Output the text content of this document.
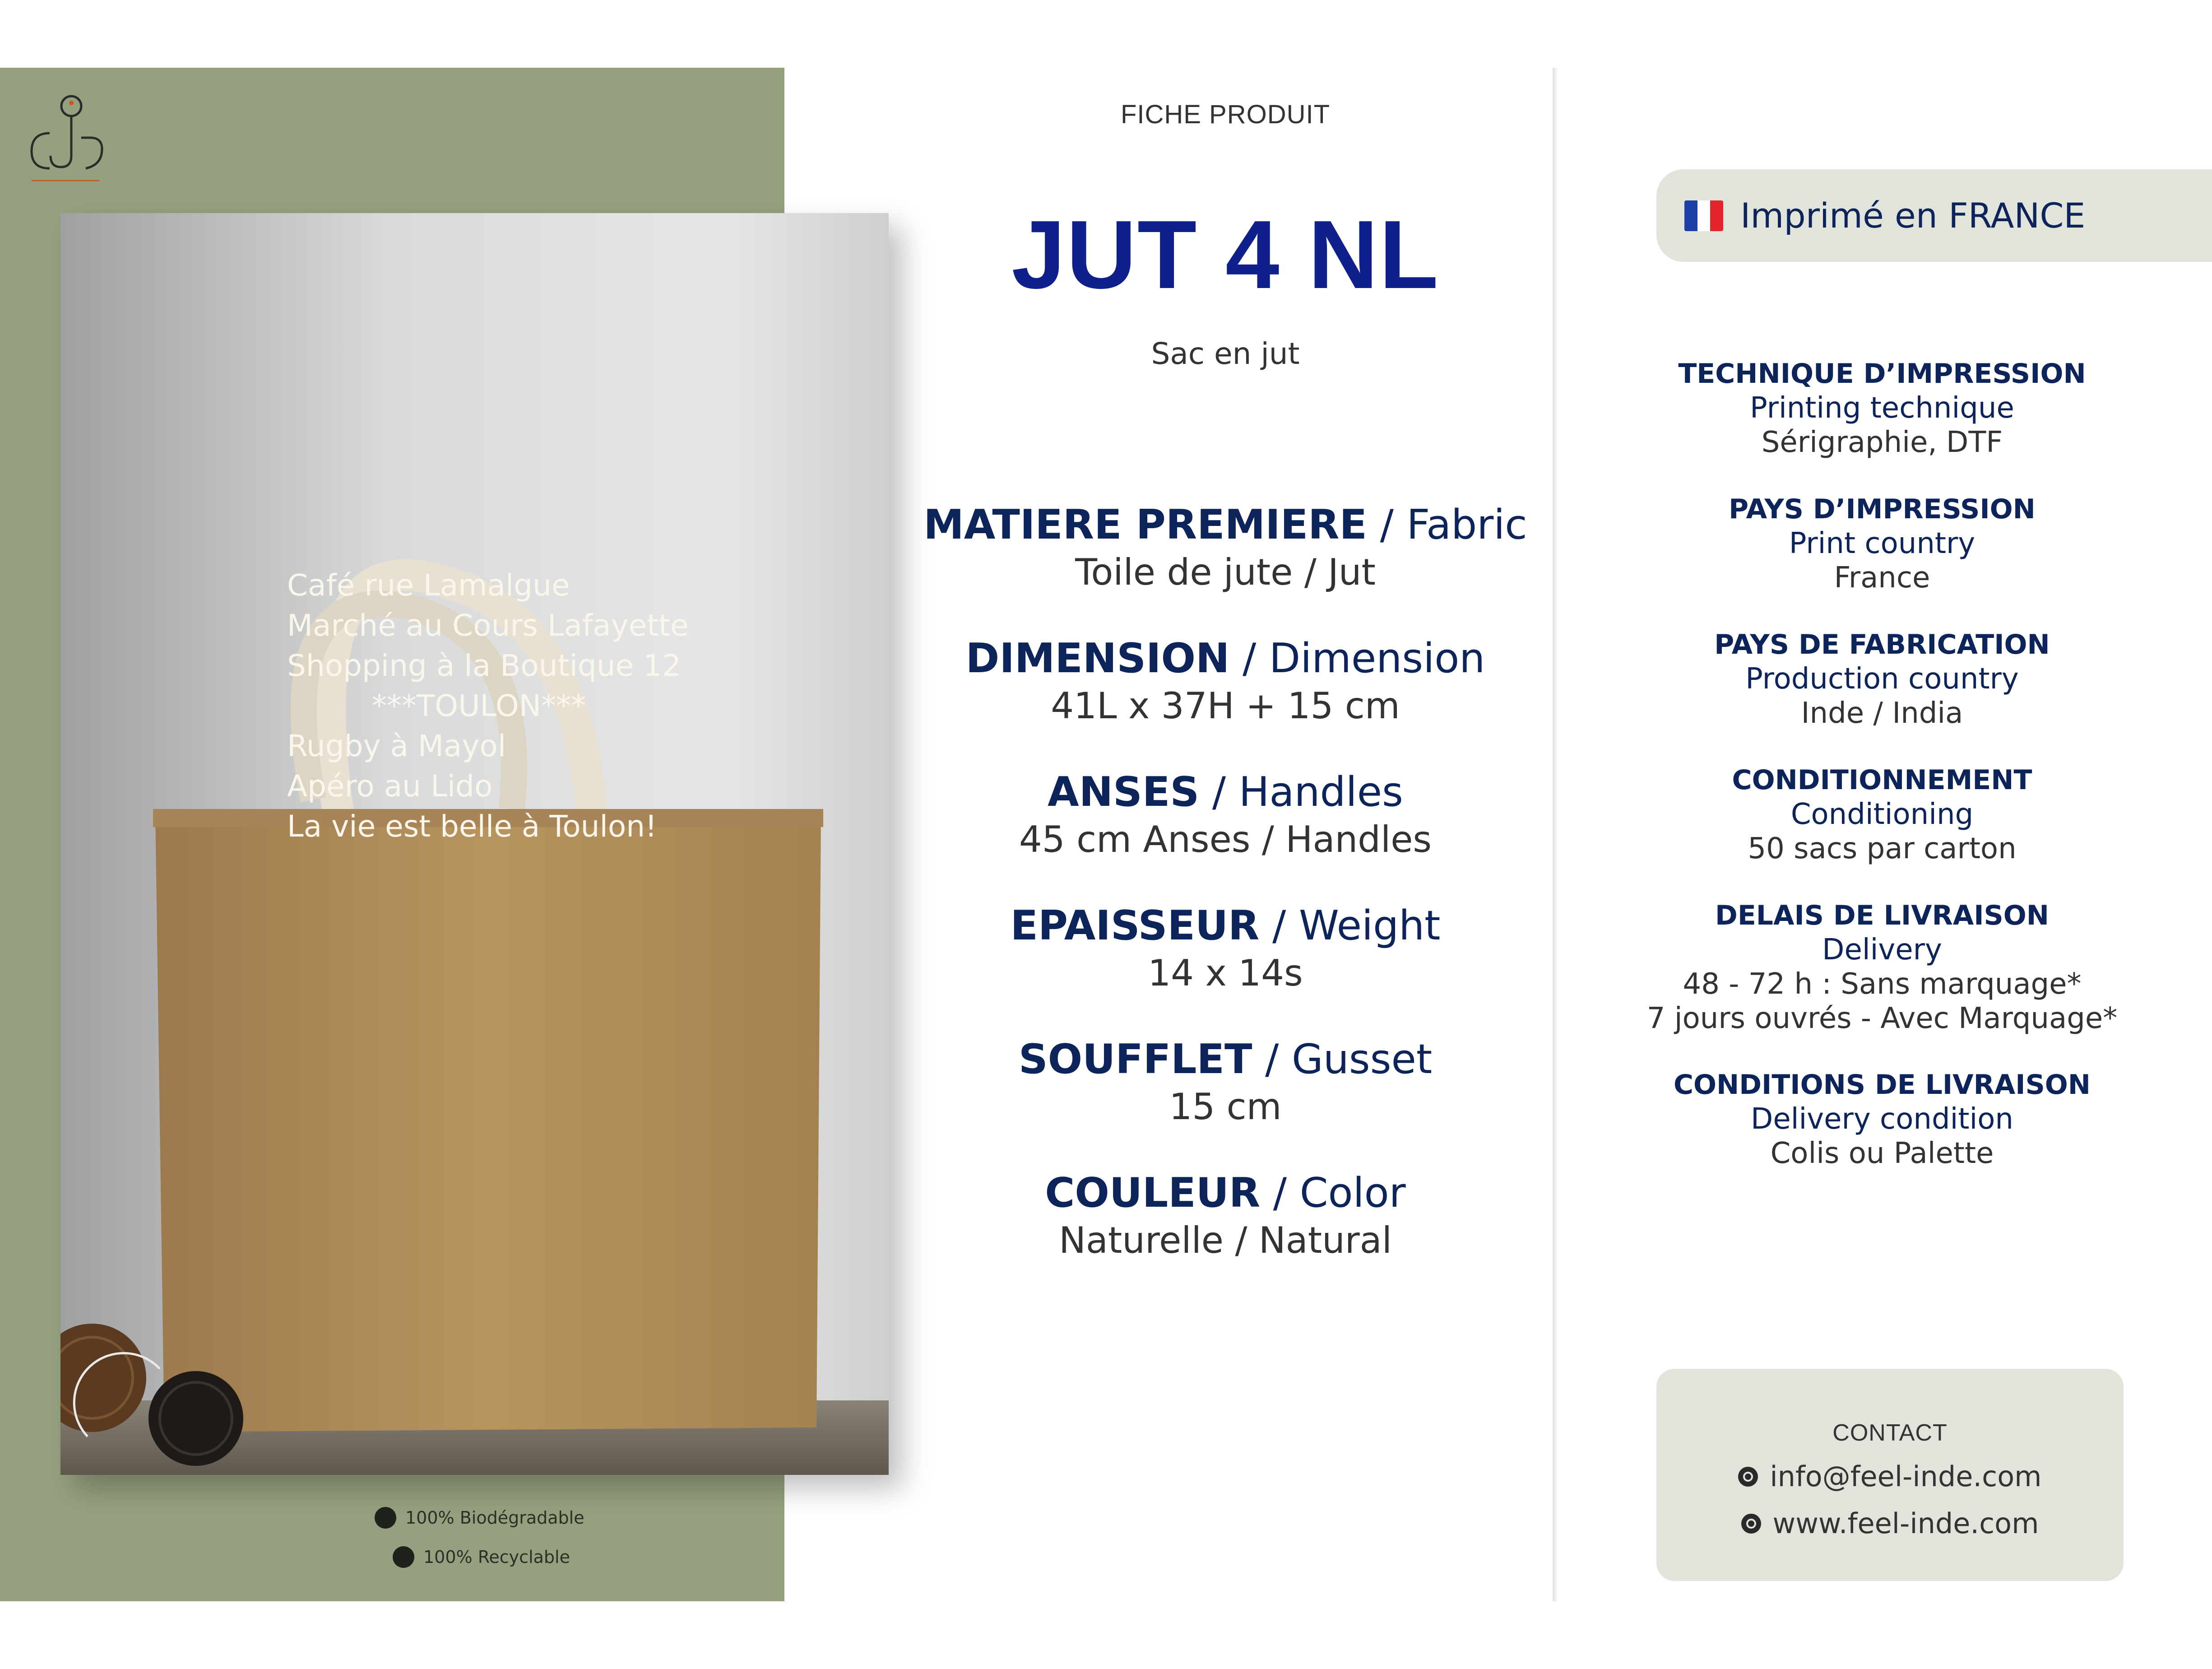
Café rue Lamalgue
Marché au Cours Lafayette
Shopping à la Boutique 12
***TOULON***
Rugby à Mayol
Apéro au Lido
La vie est belle à Toulon!
100% Biodégradable
100% Recyclable
FICHE PRODUIT
JUT 4 NL
Sac en jut
MATIERE PREMIERE / Fabric
Toile de jute / Jut
DIMENSION / Dimension
41L x 37H + 15 cm
ANSES / Handles
45 cm Anses / Handles
EPAISSEUR / Weight
14 x 14s
SOUFFLET / Gusset
15 cm
COULEUR / Color
Naturelle / Natural
Imprimé en FRANCE
TECHNIQUE D’IMPRESSION
Printing technique
Sérigraphie, DTF
PAYS D’IMPRESSION
Print country
France
PAYS DE FABRICATION
Production country
Inde / India
CONDITIONNEMENT
Conditioning
50 sacs par carton
DELAIS DE LIVRAISON
Delivery
48 - 72 h : Sans marquage*
7 jours ouvrés - Avec Marquage*
CONDITIONS DE LIVRAISON
Delivery condition
Colis ou Palette
CONTACT
info@feel-inde.com
www.feel-inde.com
